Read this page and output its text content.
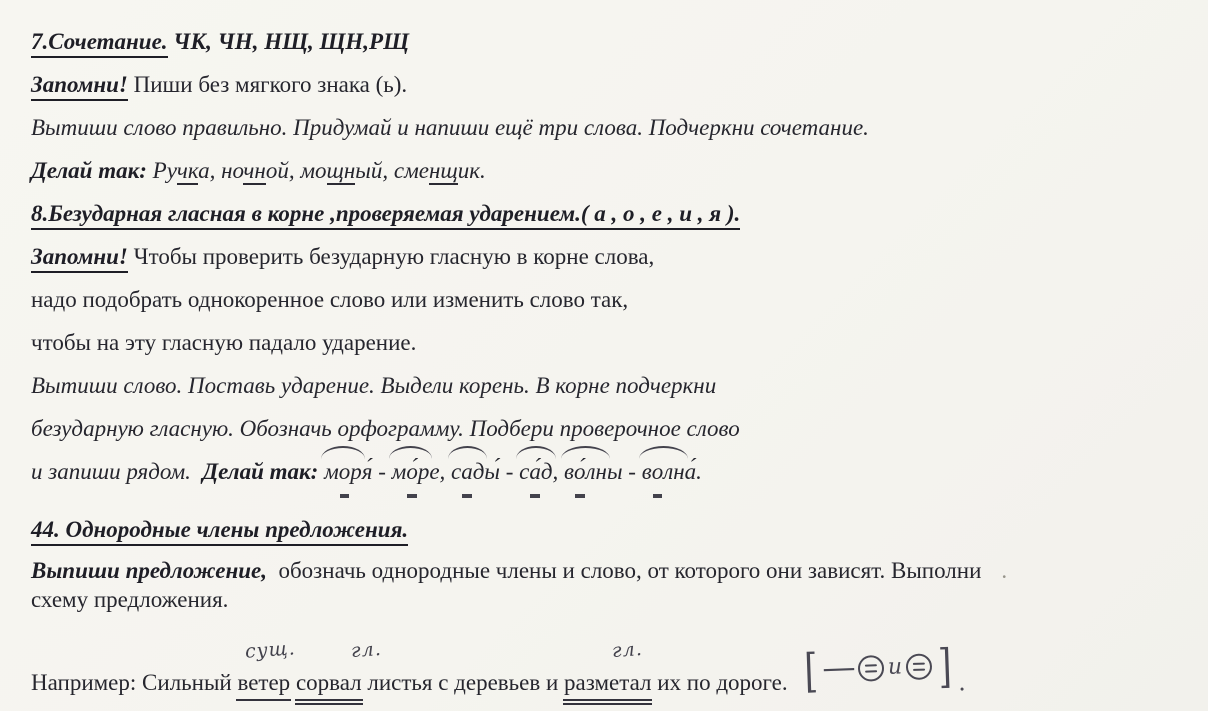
7.Сочетание. ЧК, ЧН, НЩ, ЩН,РЩ
Запомни! Пиши без мягкого знака (ь).
Вытиши слово правильно. Придумай и напиши ещё три слова. Подчеркни сочетание.
Делай так: Ручка, ночной, мощный, сменщик.
8.Безударная гласная в корне ,проверяемая ударением.( а , о , е , и , я ).
Запомни! Чтобы проверить безударную гласную в корне слова,
надо подобрать однокоренное слово или изменить слово так,
чтобы на эту гласную падало ударение.
Вытиши слово. Поставь ударение. Выдели корень. В корне подчеркни
безударную гласную. Обозначь орфограмму. Подбери проверочное слово
и запиши рядом.  Делай так: моря́ - мо́ре, сады́ - са́д, во́лны - волна́.
44. Однородные члены предложения.
Выпиши предложение,  обозначь однородные члены и слово, от которого они зависят. Выполни .
схему предложения.
Например: Сильный
сущ.
ветер
гл.
сорвал листья с деревьев и
гл.
разметал их по дороге. [ — и ] .
